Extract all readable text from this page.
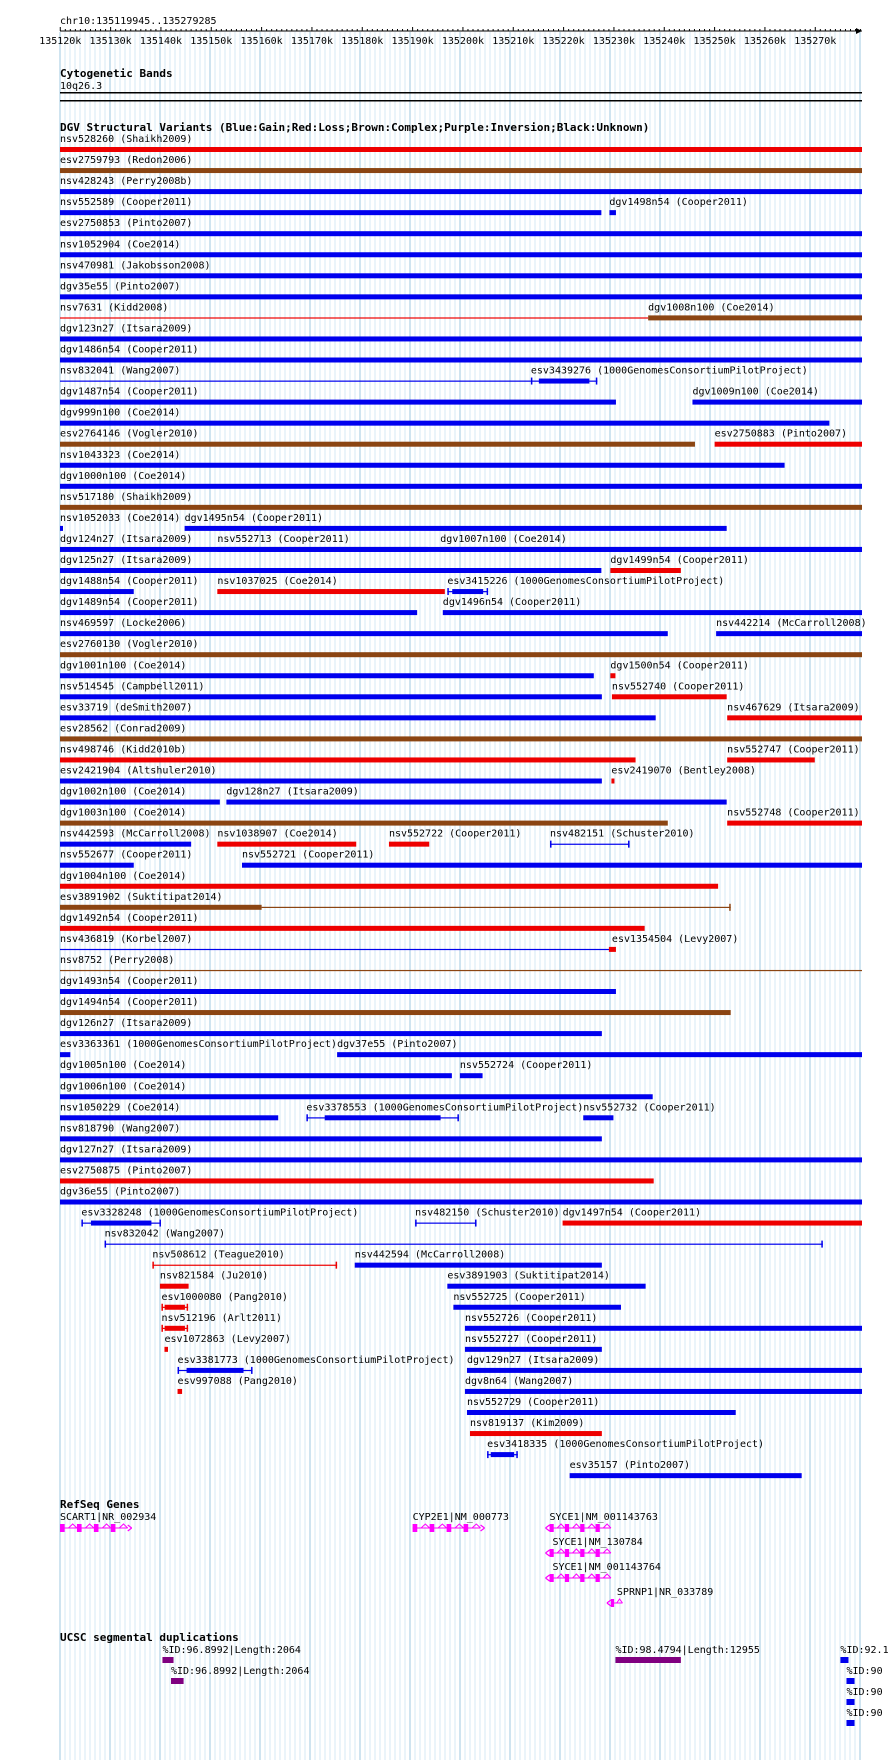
chr10:135119945..135279285
135120k 135130k 135140k 135150k 135160k 135170k 135180k 135190k 135200k 135210k 135220k 135230k 135240k 135250k 135260k 135270k
Cytogenetic Bands
10q26.3
DGV Structural Variants (Blue:Gain;Red:Loss;Brown:Complex;Purple:Inversion;Black:Unknown)
nsv528260 (Shaikh2009)
esv2759793 (Redon2006)
nsv428243 (Perry2008b)
nsv552589 (Cooper2011)	dgv1498n54 (Cooper2011)
esv2750853 (Pinto2007)
nsv1052904 (Coe2014)
nsv470981 (Jakobsson2008)
dgv35e55 (Pinto2007)
nsv7631 (Kidd2008)	dgv1008n100 (Coe2014)
dgv123n27 (Itsara2009)
dgv1486n54 (Cooper2011)
nsv832041 (Wang2007)	esv3439276 (1000GenomesConsortiumPilotProject)
dgv1487n54 (Cooper2011)	dgv1009n100 (Coe2014)
dgv999n100 (Coe2014)
esv2764146 (Vogler2010)	esv2750883 (Pinto2007)
nsv1043323 (Coe2014)
dgv1000n100 (Coe2014)
nsv517180 (Shaikh2009)
nsv1052033 (Coe2014) dgv1495n54 (Cooper2011)
dgv124n27 (Itsara2009) nsv552713 (Cooper2011)	dgv1007n100 (Coe2014)
dgv125n27 (Itsara2009)	dgv1499n54 (Cooper2011)
dgv1488n54 (Cooper2011) nsv1037025 (Coe2014)	esv3415226 (1000GenomesConsortiumPilotProject)
dgv1489n54 (Cooper2011)	dgv1496n54 (Cooper2011)
nsv469597 (Locke2006)	nsv442214 (McCarroll2008)
esv2760130 (Vogler2010)
dgv1001n100 (Coe2014)	dgv1500n54 (Cooper2011)
nsv514545 (Campbell2011)	nsv552740 (Cooper2011)
esv33719 (deSmith2007)	nsv467629 (Itsara2009)
esv28562 (Conrad2009)
nsv498746 (Kidd2010b)	nsv552747 (Cooper2011)
esv2421904 (Altshuler2010)	esv2419070 (Bentley2008)
dgv1002n100 (Coe2014)	dgv128n27 (Itsara2009)
dgv1003n100 (Coe2014)	nsv552748 (Cooper2011)
nsv442593 (McCarroll2008) nsv1038907 (Coe2014)	nsv552722 (Cooper2011)	nsv482151 (Schuster2010)
nsv552677 (Cooper2011)	nsv552721 (Cooper2011)
dgv1004n100 (Coe2014)
esv3891902 (Suktitipat2014)
dgv1492n54 (Cooper2011)
nsv436819 (Korbel2007)	esv1354504 (Levy2007)
nsv8752 (Perry2008)
dgv1493n54 (Cooper2011)
dgv1494n54 (Cooper2011)
dgv126n27 (Itsara2009)
esv3363361 (1000GenomesConsortiumPilotProject) dgv37e55 (Pinto2007)
dgv1005n100 (Coe2014)	nsv552724 (Cooper2011)
dgv1006n100 (Coe2014)
nsv1050229 (Coe2014)	esv3378553 (1000GenomesConsortiumPilotProject) nsv552732 (Cooper2011)
nsv818790 (Wang2007)
dgv127n27 (Itsara2009)
esv2750875 (Pinto2007)
dgv36e55 (Pinto2007)
esv3328248 (1000GenomesConsortiumPilotProject)	nsv482150 (Schuster2010) dgv1497n54 (Cooper2011)
nsv832042 (Wang2007)
nsv508612 (Teague2010)	nsv442594 (McCarroll2008)
nsv821584 (Ju2010)	esv3891903 (Suktitipat2014)
esv1000080 (Pang2010)	nsv552725 (Cooper2011)
nsv512196 (Arlt2011)	nsv552726 (Cooper2011)
esv1072863 (Levy2007)	nsv552727 (Cooper2011)
esv3381773 (1000GenomesConsortiumPilotProject) dgv129n27 (Itsara2009)
esv997088 (Pang2010)	dgv8n64 (Wang2007)
nsv552729 (Cooper2011)
nsv819137 (Kim2009)
esv3418335 (1000GenomesConsortiumPilotProject)
esv35157 (Pinto2007)
RefSeq Genes
SCART1|NR_002934	CYP2E1|NM_000773	SYCE1|NM_001143763
SYCE1|NM_130784
SYCE1|NM_001143764
SPRNP1|NR_033789
UCSC segmental duplications
%ID:96.8992|Length:2064
%ID:96.8992|Length:2064
%ID:98.4794|Length:12955	%ID:92.1
%ID:90
%ID:90
%ID:90
